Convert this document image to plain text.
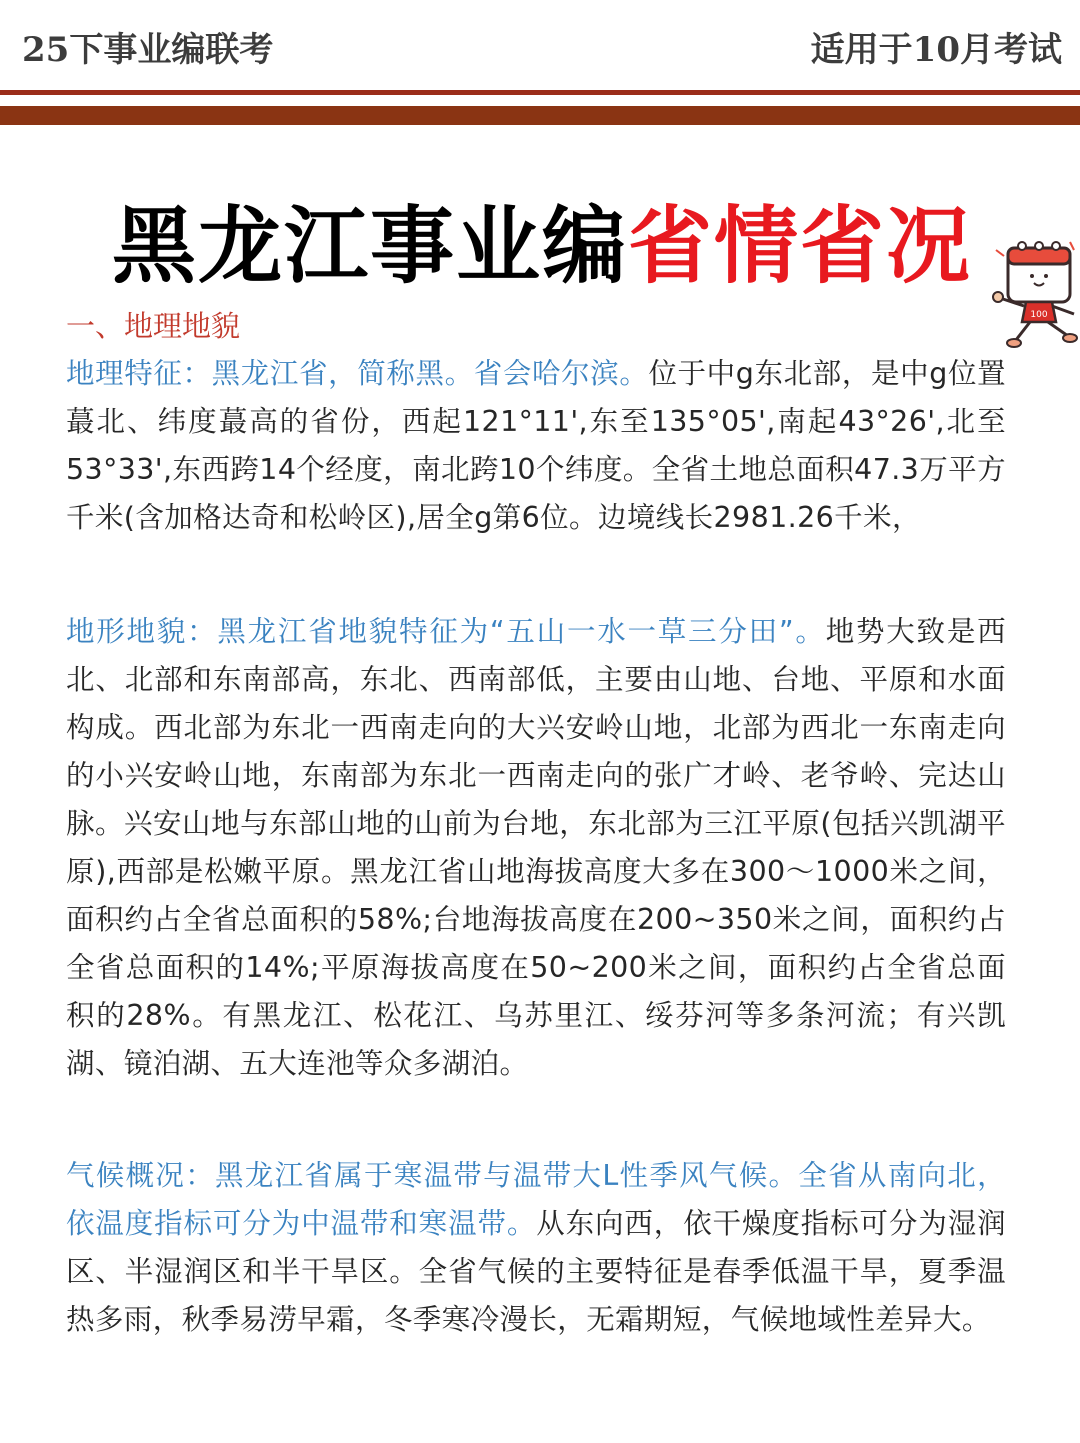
25下事业编联考	适用于10月考试
黑龙江事业编省情省况
100
一、地理地貌
地理特征：黑龙江省，简称黑。省会哈尔滨。位于中g东北部，是中g位置蕞北、纬度蕞高的省份，西起121°11',东至135°05',南起43°26',北至53°33',东西跨14个经度，南北跨10个纬度。全省土地总面积47.3万平方千米(含加格达奇和松岭区),居全g第6位。边境线长2981.26千米，
地形地貌：黑龙江省地貌特征为“五山一水一草三分田”。地势大致是西北、北部和东南部高，东北、西南部低，主要由山地、台地、平原和水面构成。西北部为东北一西南走向的大兴安岭山地，北部为西北一东南走向的小兴安岭山地，东南部为东北一西南走向的张广才岭、老爷岭、完达山脉。兴安山地与东部山地的山前为台地，东北部为三江平原(包括兴凯湖平原),西部是松嫩平原。黑龙江省山地海拔高度大多在300～1000米之间，面积约占全省总面积的58%;台地海拔高度在200~350米之间，面积约占全省总面积的14%;平原海拔高度在50~200米之间，面积约占全省总面积的28%。有黑龙江、松花江、乌苏里江、绥芬河等多条河流；有兴凯湖、镜泊湖、五大连池等众多湖泊。
气候概况：黑龙江省属于寒温带与温带大L性季风气候。全省从南向北，依温度指标可分为中温带和寒温带。从东向西，依干燥度指标可分为湿润区、半湿润区和半干旱区。全省气候的主要特征是春季低温干旱，夏季温热多雨，秋季易涝早霜，冬季寒冷漫长，无霜期短，气候地域性差异大。
